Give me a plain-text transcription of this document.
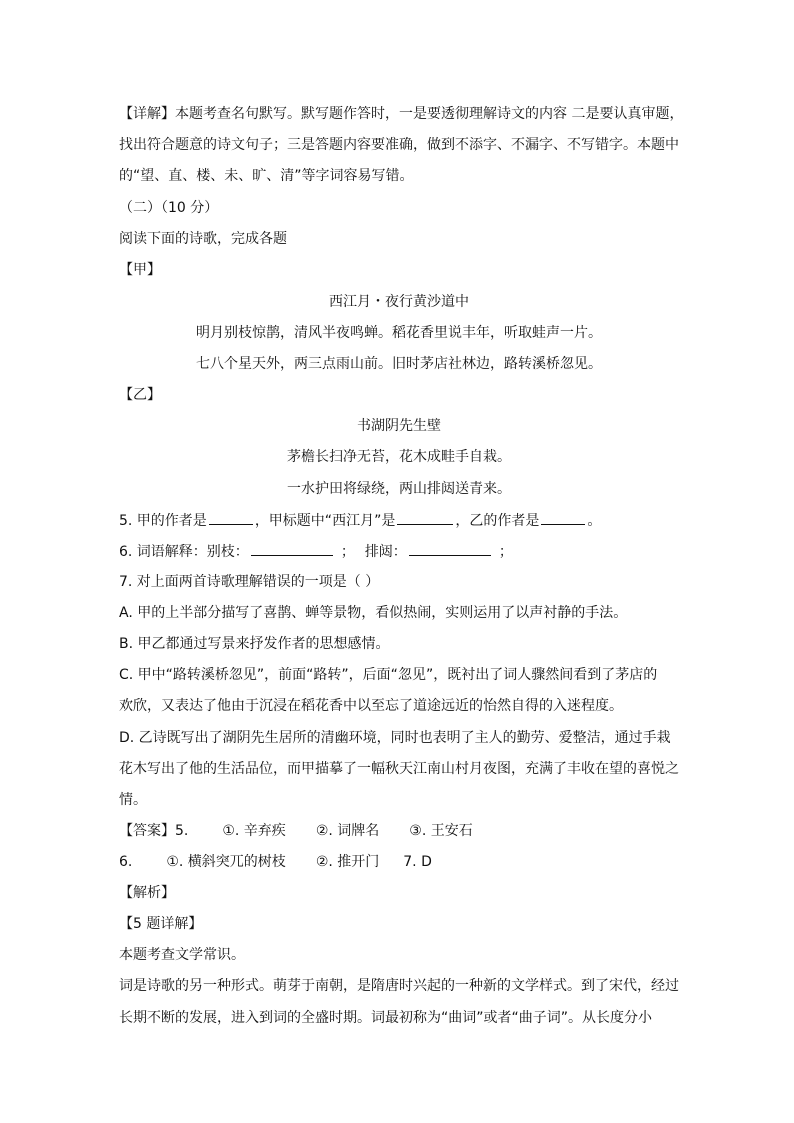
【详解】本题考查名句默写。默写题作答时，一是要透彻理解诗文的内容 二是要认真审题，
找出符合题意的诗文句子；三是答题内容要准确，做到不添字、不漏字、不写错字。本题中
的“望、直、楼、未、旷、清”等字词容易写错。
（二）（10 分）
阅读下面的诗歌，完成各题
【甲】
西江月・夜行黄沙道中
明月别枝惊鹊，清风半夜鸣蝉。稻花香里说丰年，听取蛙声一片。
七八个星天外，两三点雨山前。旧时茅店社林边，路转溪桥忽见。
【乙】
书湖阴先生壁
茅檐长扫净无苔，花木成畦手自栽。
一水护田将绿绕，两山排闼送青来。
5. 甲的作者是	，甲标题中“西江月”是	，乙的作者是	。
6. 词语解释：别枝：	； 排闼：	；
7. 对上面两首诗歌理解错误的一项是（ ）
A. 甲的上半部分描写了喜鹊、蝉等景物，看似热闹，实则运用了以声衬静的手法。
B. 甲乙都通过写景来抒发作者的思想感情。
C. 甲中“路转溪桥忽见”，前面“路转”，后面“忽见”，既衬出了词人骤然间看到了茅店的
欢欣，又表达了他由于沉浸在稻花香中以至忘了道途远近的怡然自得的入迷程度。
D. 乙诗既写出了湖阴先生居所的清幽环境，同时也表明了主人的勤劳、爱整洁，通过手栽
花木写出了他的生活品位，而甲描摹了一幅秋天江南山村月夜图，充满了丰收在望的喜悦之
情。
【答案】5. ①. 辛弃疾 ②. 词牌名 ③. 王安石
6. ①. 横斜突兀的树枝 ②. 推开门 7. D
【解析】
【5 题详解】
本题考查文学常识。
词是诗歌的另一种形式。萌芽于南朝，是隋唐时兴起的一种新的文学样式。到了宋代，经过
长期不断的发展，进入到词的全盛时期。词最初称为“曲词”或者“曲子词”。从长度分小
